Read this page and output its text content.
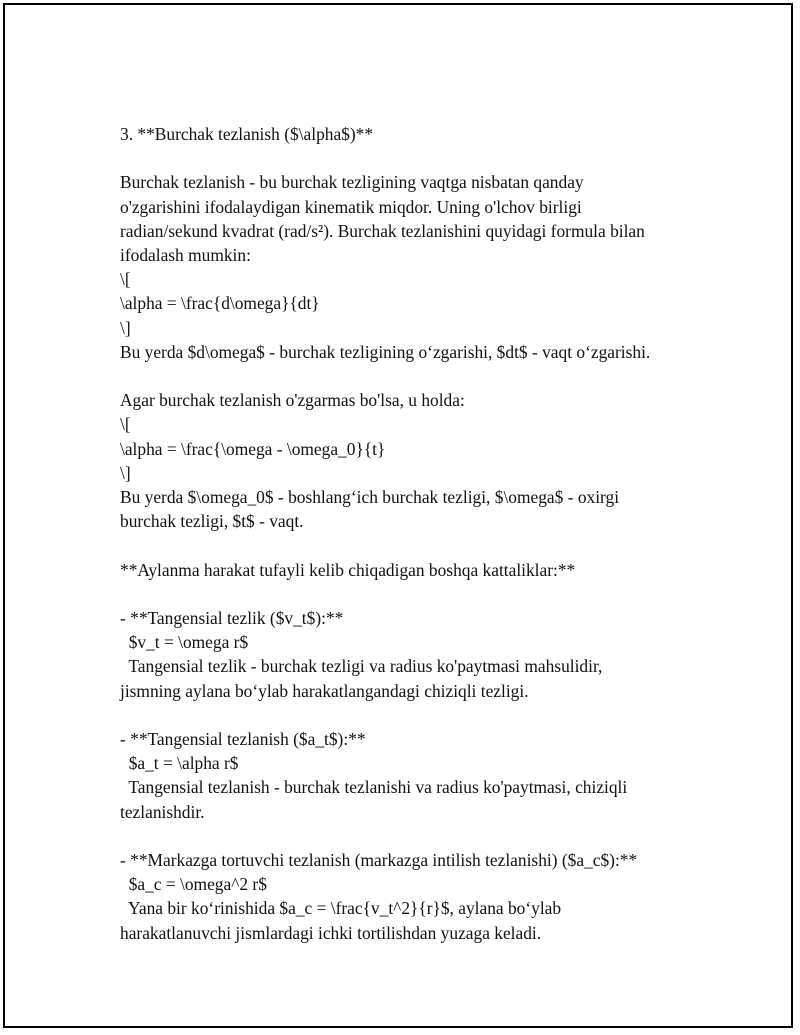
3. **Burchak tezlanish ($\alpha$)**
Burchak tezlanish - bu burchak tezligining vaqtga nisbatan qanday
o'zgarishini ifodalaydigan kinematik miqdor. Uning o'lchov birligi
radian/sekund kvadrat (rad/s²). Burchak tezlanishini quyidagi formula bilan
ifodalash mumkin:
\[
\alpha = \frac{d\omega}{dt}
\]
Bu yerda $d\omega$ - burchak tezligining o‘zgarishi, $dt$ - vaqt o‘zgarishi.
Agar burchak tezlanish o'zgarmas bo'lsa, u holda:
\[
\alpha = \frac{\omega - \omega_0}{t}
\]
Bu yerda $\omega_0$ - boshlang‘ich burchak tezligi, $\omega$ - oxirgi
burchak tezligi, $t$ - vaqt.
**Aylanma harakat tufayli kelib chiqadigan boshqa kattaliklar:**
- **Tangensial tezlik ($v_t$):**
$v_t = \omega r$
Tangensial tezlik - burchak tezligi va radius ko'paytmasi mahsulidir,
jismning aylana bo‘ylab harakatlangandagi chiziqli tezligi.
- **Tangensial tezlanish ($a_t$):**
$a_t = \alpha r$
Tangensial tezlanish - burchak tezlanishi va radius ko'paytmasi, chiziqli
tezlanishdir.
- **Markazga tortuvchi tezlanish (markazga intilish tezlanishi) ($a_c$):**
$a_c = \omega^2 r$
Yana bir ko‘rinishida $a_c = \frac{v_t^2}{r}$, aylana bo‘ylab
harakatlanuvchi jismlardagi ichki tortilishdan yuzaga keladi.
